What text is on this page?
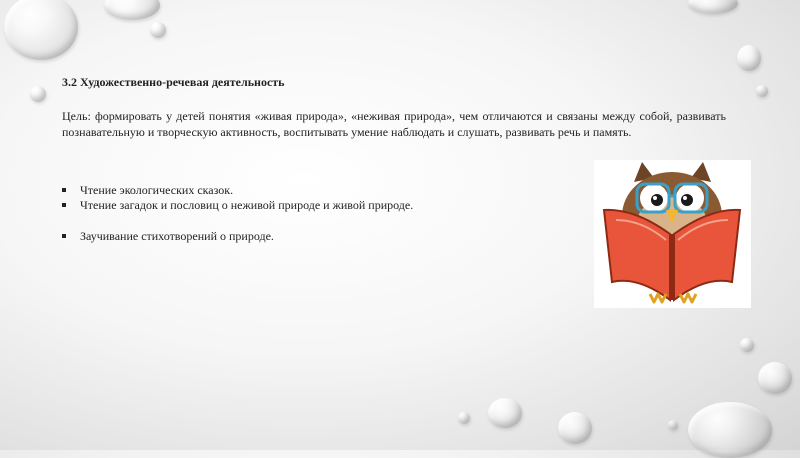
3.2 Художественно-речевая деятельность
Цель: формировать у детей понятия «живая природа», «неживая природа», чем отличаются и связаны между собой, развивать познавательную и творческую активность, воспитывать умение наблюдать и слушать, развивать речь и память.
Чтение экологических сказок.
Чтение загадок и пословиц о неживой природе и живой природе.
Заучивание стихотворений о природе.
